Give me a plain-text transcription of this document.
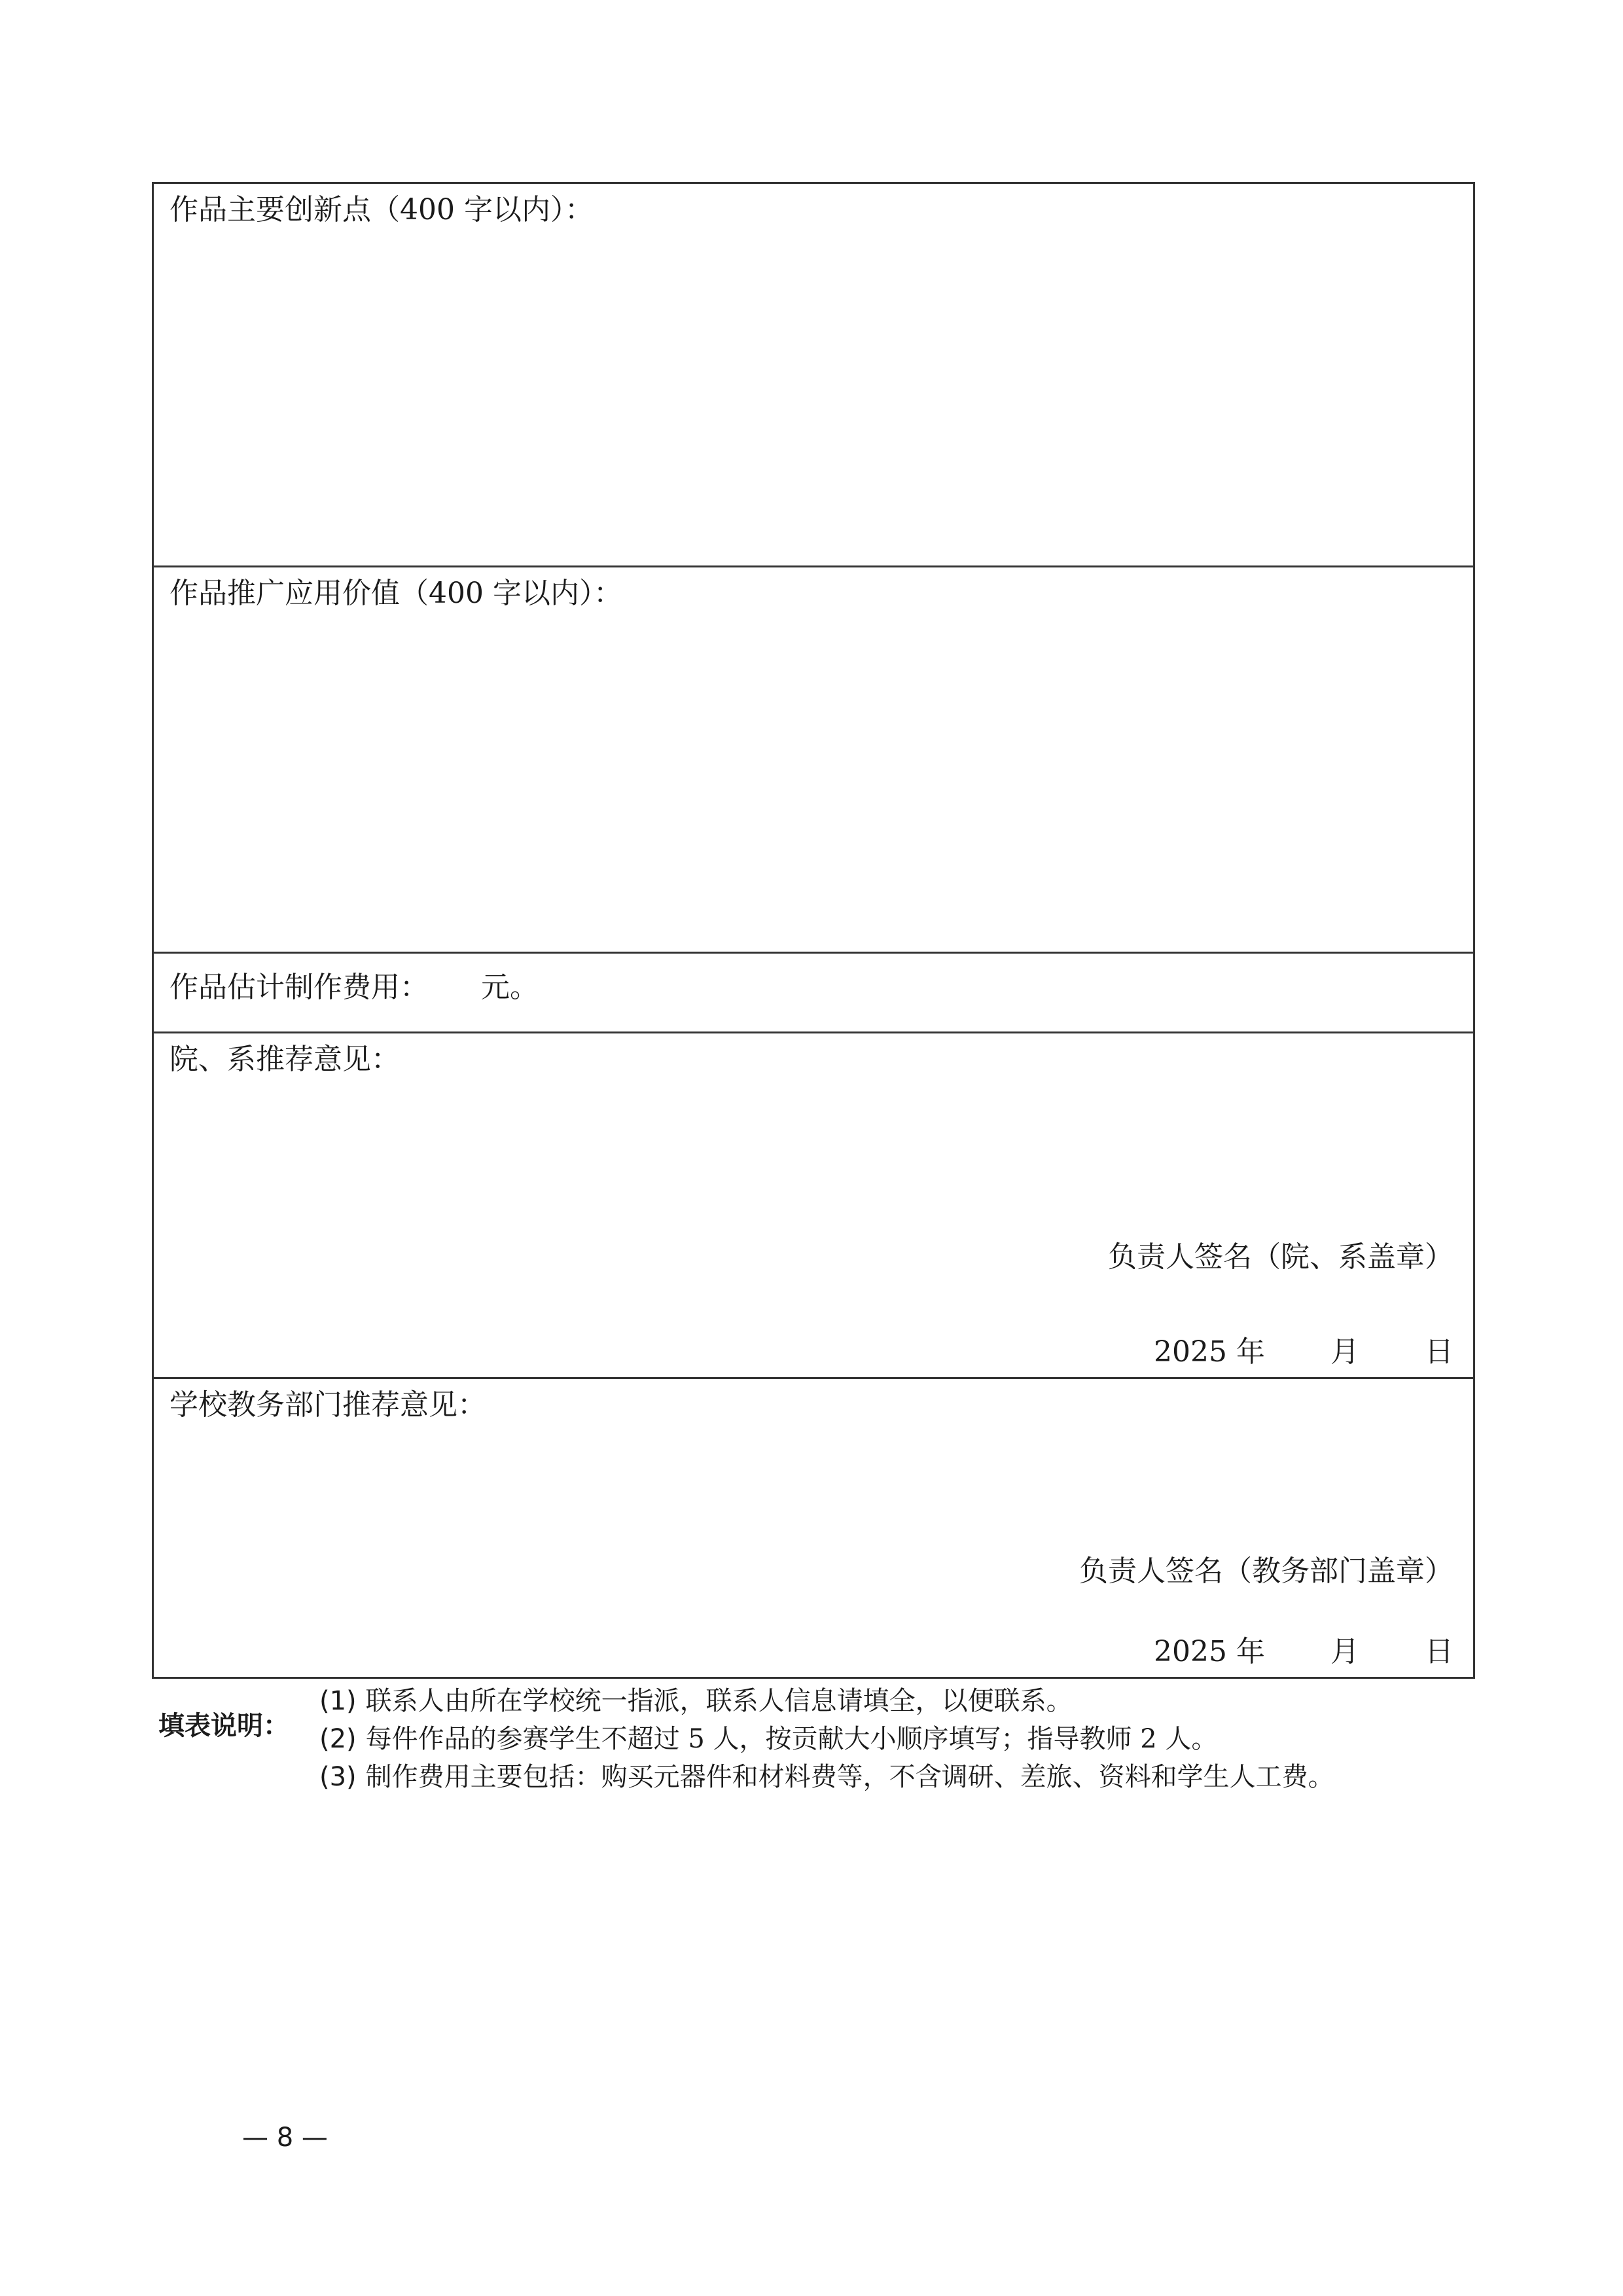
作品主要创新点（400 字以内）：

作品推广应用价值（400 字以内）：

作品估计制作费用： 元。

院、系推荐意见：
负责人签名（院、系盖章）
2025 年 月 日

学校教务部门推荐意见：
负责人签名（教务部门盖章）
2025 年 月 日
填表说明：
(1) 联系人由所在学校统一指派，联系人信息请填全，以便联系。
(2) 每件作品的参赛学生不超过 5 人，按贡献大小顺序填写；指导教师 2 人。
(3) 制作费用主要包括：购买元器件和材料费等，不含调研、差旅、资料和学生人工费。
— 8 —
